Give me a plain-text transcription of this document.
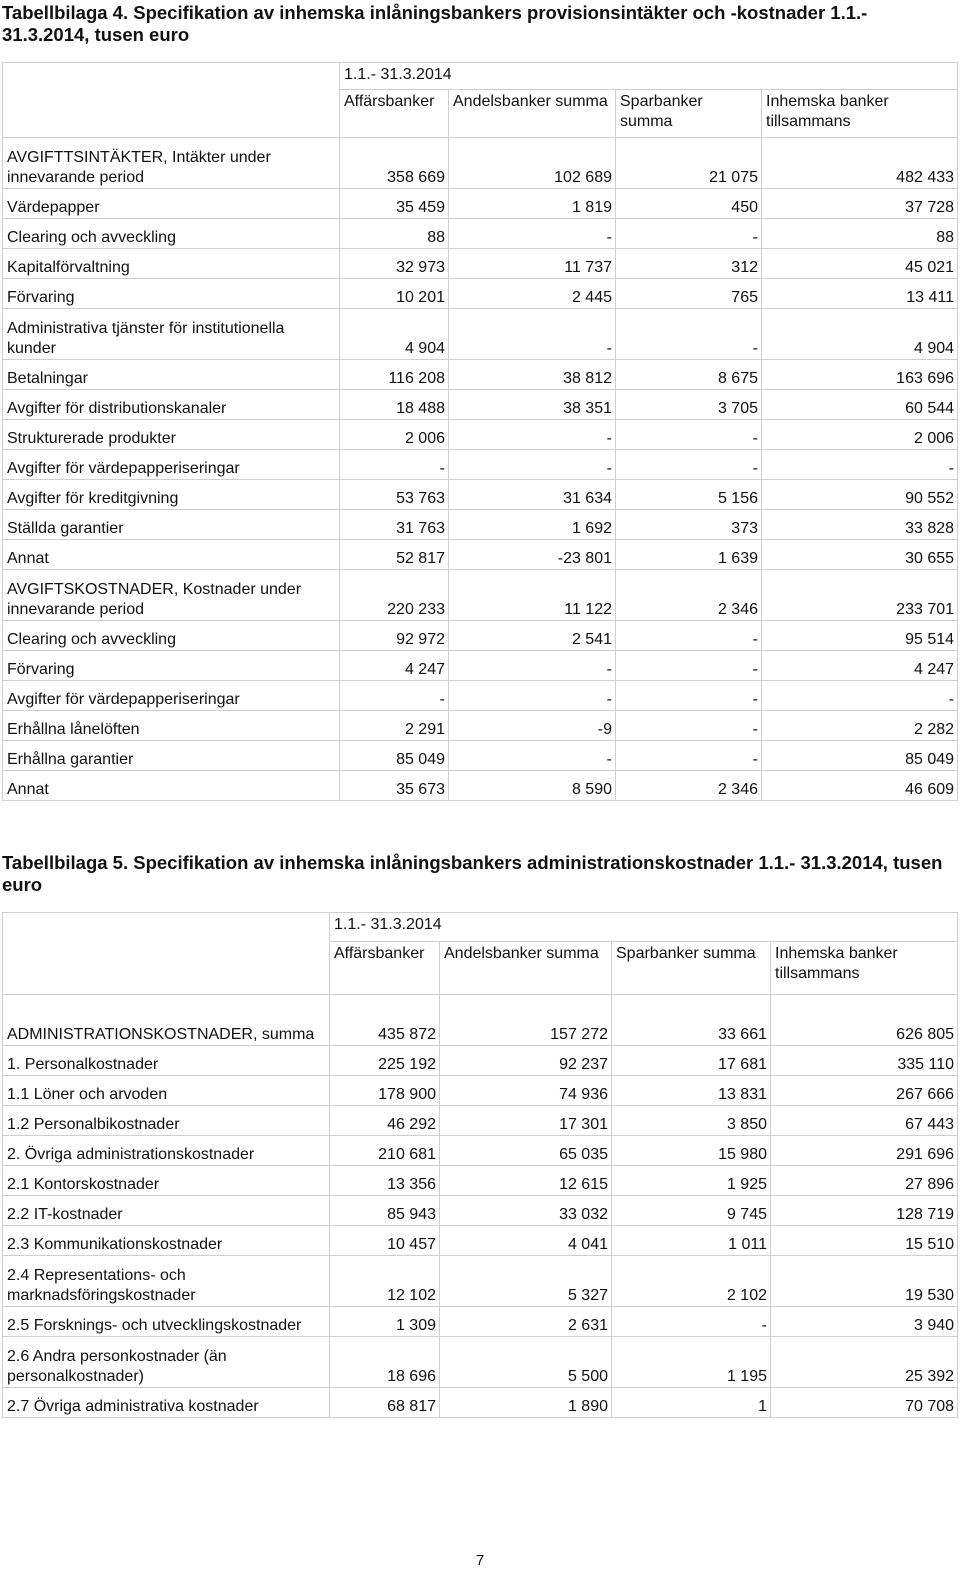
Tabellbilaga 4. Specifikation av inhemska inlåningsbankers provisionsintäkter och -kostnader 1.1.- 31.3.2014, tusen euro
	1.1.- 31.3.2014			
	Affärsbanker	Andelsbanker summa	Sparbanker summa	Inhemska banker tillsammans
AVGIFTTSINTÄKTER, Intäkter under innevarande period	358 669	102 689	21 075	482 433
Värdepapper	35 459	1 819	450	37 728
Clearing och avveckling	88	-	-	88
Kapitalförvaltning	32 973	11 737	312	45 021
Förvaring	10 201	2 445	765	13 411
Administrativa tjänster för institutionella kunder	4 904	-	-	4 904
Betalningar	116 208	38 812	8 675	163 696
Avgifter för distributionskanaler	18 488	38 351	3 705	60 544
Strukturerade produkter	2 006	-	-	2 006
Avgifter för värdepapperiseringar	-	-	-	-
Avgifter för kreditgivning	53 763	31 634	5 156	90 552
Ställda garantier	31 763	1 692	373	33 828
Annat	52 817	-23 801	1 639	30 655
AVGIFTSKOSTNADER, Kostnader under innevarande period	220 233	11 122	2 346	233 701
Clearing och avveckling	92 972	2 541	-	95 514
Förvaring	4 247	-	-	4 247
Avgifter för värdepapperiseringar	-	-	-	-
Erhållna lånelöften	2 291	-9	-	2 282
Erhållna garantier	85 049	-	-	85 049
Annat	35 673	8 590	2 346	46 609
Tabellbilaga 5. Specifikation av inhemska inlåningsbankers administrationskostnader 1.1.- 31.3.2014, tusen euro
	1.1.- 31.3.2014			
	Affärsbanker	Andelsbanker summa	Sparbanker summa	Inhemska banker tillsammans
ADMINISTRATIONSKOSTNADER, summa	435 872	157 272	33 661	626 805
1. Personalkostnader	225 192	92 237	17 681	335 110
1.1 Löner och arvoden	178 900	74 936	13 831	267 666
1.2 Personalbikostnader	46 292	17 301	3 850	67 443
2. Övriga administrationskostnader	210 681	65 035	15 980	291 696
2.1 Kontorskostnader	13 356	12 615	1 925	27 896
2.2 IT-kostnader	85 943	33 032	9 745	128 719
2.3 Kommunikationskostnader	10 457	4 041	1 011	15 510
2.4 Representations- och marknadsföringskostnader	12 102	5 327	2 102	19 530
2.5 Forsknings- och utvecklingskostnader	1 309	2 631	-	3 940
2.6 Andra personkostnader (än personalkostnader)	18 696	5 500	1 195	25 392
2.7 Övriga administrativa kostnader	68 817	1 890	1	70 708
7
